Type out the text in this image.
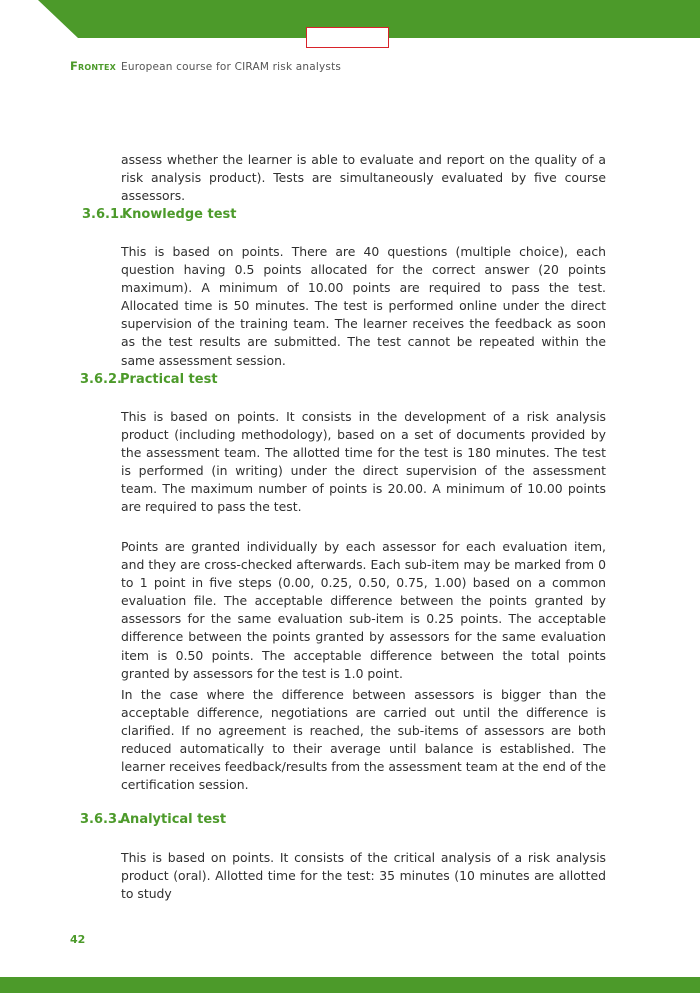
Frontex European course for CIRAM risk analysts

assess whether the learner is able to evaluate and report on the quality of a risk analysis product). Tests are simultaneously evaluated by five course assessors.

3.6.1.Knowledge test

This is based on points. There are 40 questions (multiple choice), each question having 0.5 points allocated for the correct answer (20 points maximum). A minimum of 10.00 points are required to pass the test. Allocated time is 50 minutes. The test is performed online under the direct supervision of the training team. The learner receives the feedback as soon as the test results are submitted. The test cannot be repeated within the same assessment session.

3.6.2.Practical test

This is based on points. It consists in the development of a risk analysis product (including methodology), based on a set of documents provided by the assessment team. The allotted time for the test is 180 minutes. The test is performed (in writing) under the direct supervision of the assessment team. The maximum number of points is 20.00. A minimum of 10.00 points are required to pass the test.

Points are granted individually by each assessor for each evaluation item, and they are cross-checked afterwards. Each sub-item may be marked from 0 to 1 point in five steps (0.00, 0.25, 0.50, 0.75, 1.00) based on a common evaluation file. The acceptable difference between the points granted by assessors for the same evaluation sub-item is 0.25 points. The acceptable difference between the points granted by assessors for the same evaluation item is 0.50 points. The acceptable difference between the total points granted by assessors for the test is 1.0 point.

In the case where the difference between assessors is bigger than the acceptable difference, negotiations are carried out until the difference is clarified. If no agreement is reached, the sub-items of assessors are both reduced automatically to their average until balance is established. The learner receives feedback/results from the assessment team at the end of the certification session.

3.6.3.Analytical test

This is based on points. It consists of the critical analysis of a risk analysis product (oral). Allotted time for the test: 35 minutes (10 minutes are allotted to study

42
